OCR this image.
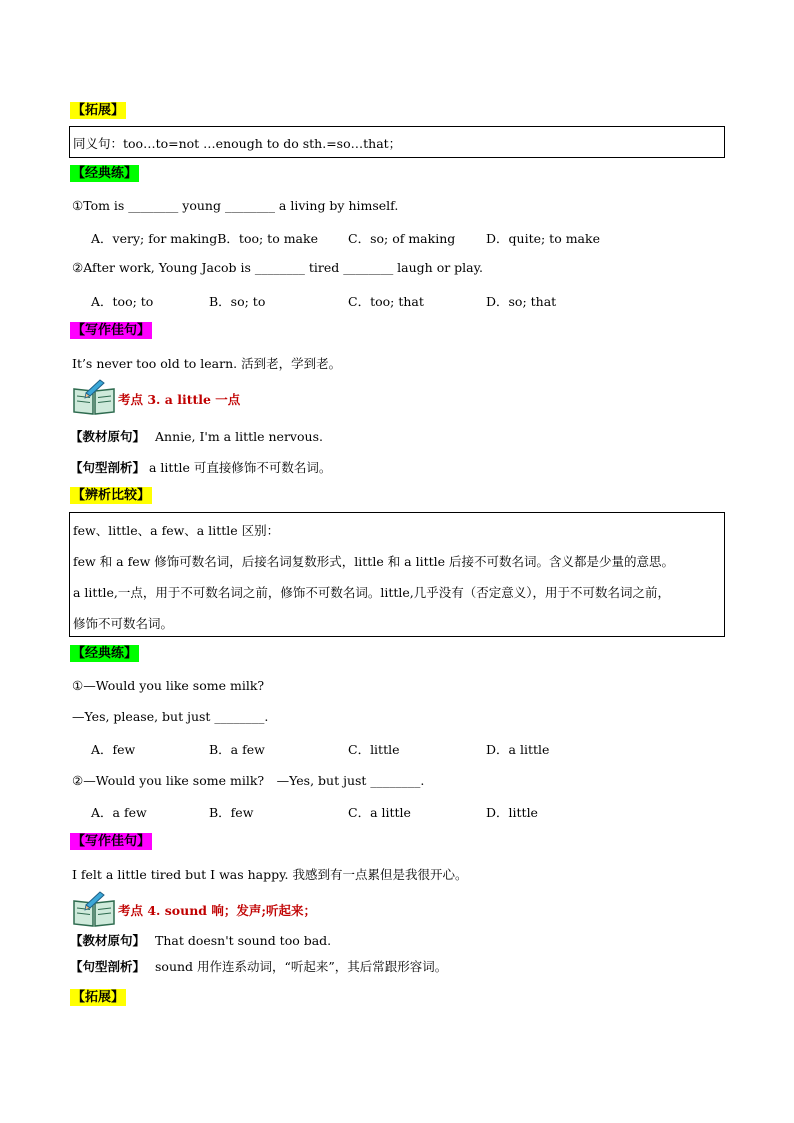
【拓展】
同义句：too…to=not …enough to do sth.=so…that；
【经典练】
①Tom is ________ young ________ a living by himself.
A．very; for makingB．too; to make C．so; of making D．quite; to make
②After work, Young Jacob is ________ tired ________ laugh or play.
A．too; to	B．so; to	C．too; that	D．so; that
【写作佳句】
It’s never too old to learn. 活到老，学到老。
考点 3. a little 一点
【教材原句】 Annie, I'm a little nervous.
【句型剖析】 a little 可直接修饰不可数名词。
【辨析比较】
few、little、a few、a little 区别：
few 和 a few 修饰可数名词，后接名词复数形式，little 和 a little 后接不可数名词。含义都是少量的意思。
a little,一点，用于不可数名词之前，修饰不可数名词。little,几乎没有（否定意义），用于不可数名词之前，
修饰不可数名词。
【经典练】
①—Would you like some milk?
—Yes, please, but just ________.
A．few	B．a few	C．little	D．a little
②—Would you like some milk?　—Yes, but just ________.
A．a few	B．few	C．a little	D．little
【写作佳句】
I felt a little tired but I was happy. 我感到有一点累但是我很开心。
考点 4. sound 响；发声;听起来；
【教材原句】 That doesn't sound too bad.
【句型剖析】 sound 用作连系动词，“听起来”，其后常跟形容词。
【拓展】
